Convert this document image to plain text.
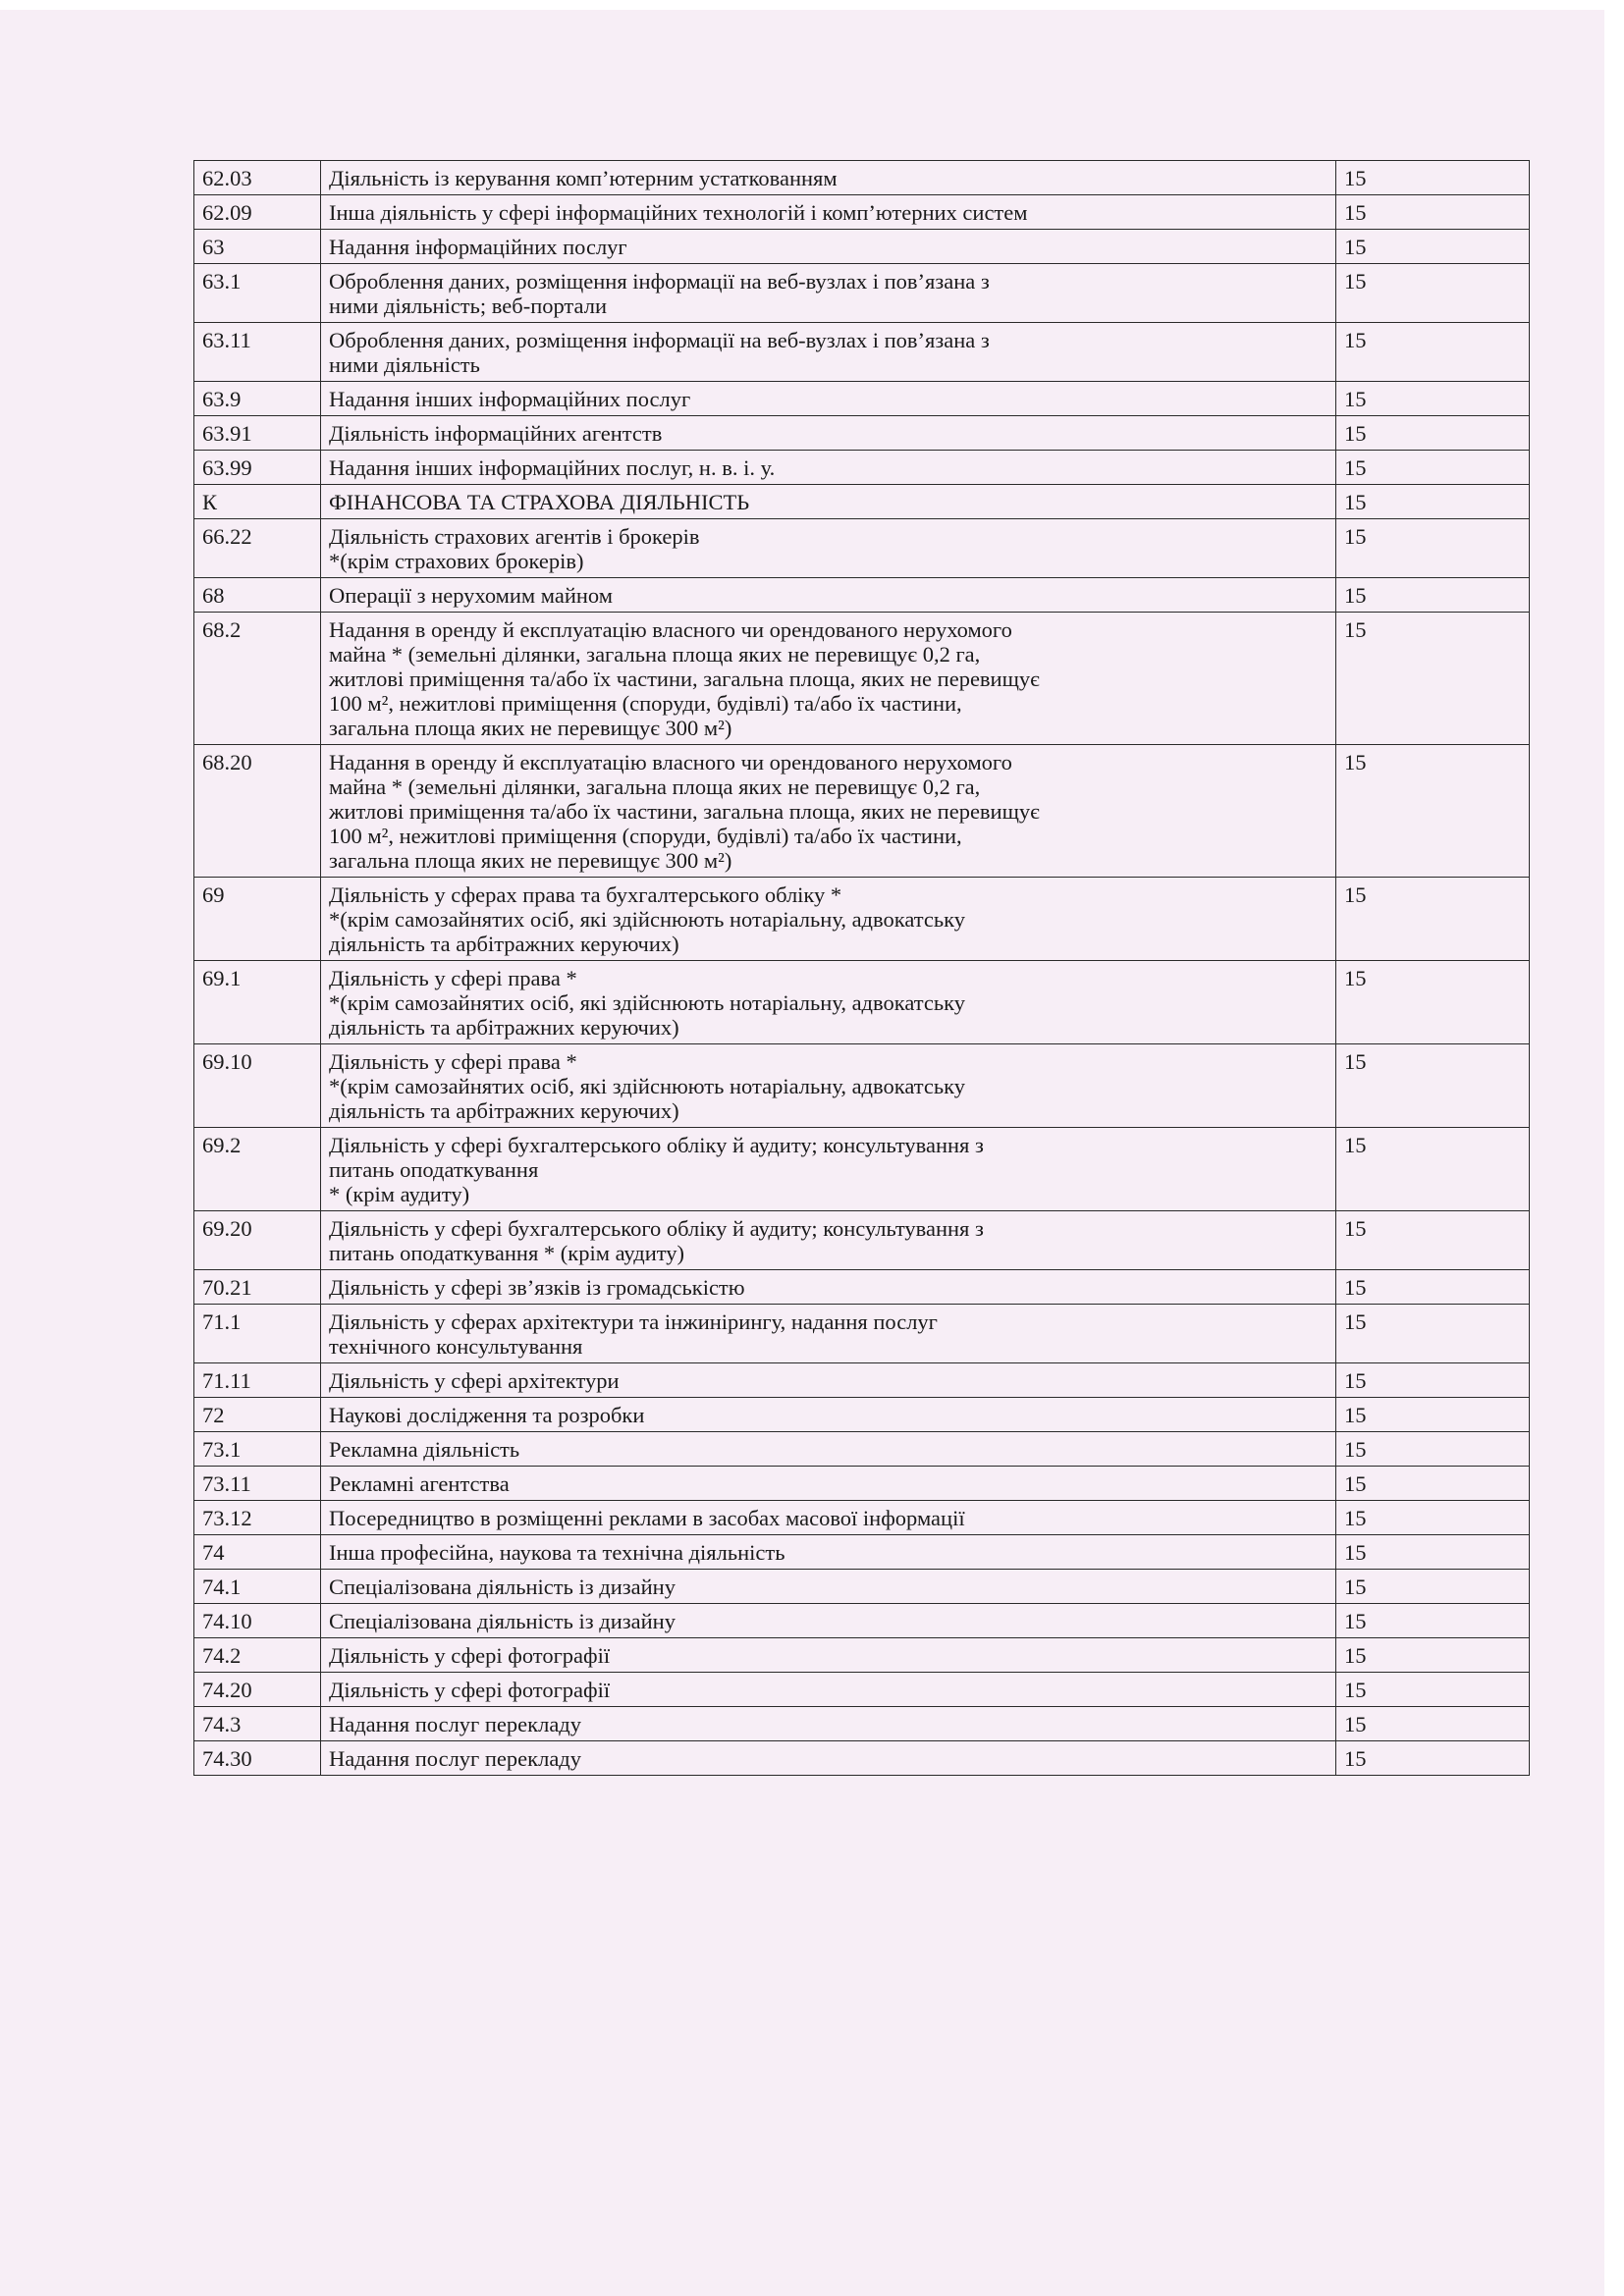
62.03	Діяльність із керування комп’ютерним устаткованням	15
62.09	Інша діяльність у сфері інформаційних технологій і комп’ютерних систем	15
63	Надання інформаційних послуг	15
63.1	Оброблення даних, розміщення інформації на веб-вузлах і пов’язана з
ними діяльність; веб-портали	15
63.11	Оброблення даних, розміщення інформації на веб-вузлах і пов’язана з
ними діяльність	15
63.9	Надання інших інформаційних послуг	15
63.91	Діяльність інформаційних агентств	15
63.99	Надання інших інформаційних послуг, н. в. і. у.	15
К	ФІНАНСОВА ТА СТРАХОВА ДІЯЛЬНІСТЬ	15
66.22	Діяльність страхових агентів і брокерів
*(крім страхових брокерів)	15
68	Операції з нерухомим майном	15
68.2	Надання в оренду й експлуатацію власного чи орендованого нерухомого
майна * (земельні ділянки, загальна площа яких не перевищує 0,2 га,
житлові приміщення та/або їх частини, загальна площа, яких не перевищує
100 м², нежитлові приміщення (споруди, будівлі) та/або їх частини,
загальна площа яких не перевищує 300 м²)	15
68.20	Надання в оренду й експлуатацію власного чи орендованого нерухомого
майна * (земельні ділянки, загальна площа яких не перевищує 0,2 га,
житлові приміщення та/або їх частини, загальна площа, яких не перевищує
100 м², нежитлові приміщення (споруди, будівлі) та/або їх частини,
загальна площа яких не перевищує 300 м²)	15
69	Діяльність у сферах права та бухгалтерського обліку *
*(крім самозайнятих осіб, які здійснюють нотаріальну, адвокатську
діяльність та арбітражних керуючих)	15
69.1	Діяльність у сфері права *
*(крім самозайнятих осіб, які здійснюють нотаріальну, адвокатську
діяльність та арбітражних керуючих)	15
69.10	Діяльність у сфері права *
*(крім самозайнятих осіб, які здійснюють нотаріальну, адвокатську
діяльність та арбітражних керуючих)	15
69.2	Діяльність у сфері бухгалтерського обліку й аудиту; консультування з
питань оподаткування
* (крім аудиту)	15
69.20	Діяльність у сфері бухгалтерського обліку й аудиту; консультування з
питань оподаткування * (крім аудиту)	15
70.21	Діяльність у сфері зв’язків із громадськістю	15
71.1	Діяльність у сферах архітектури та інжинірингу, надання послуг
технічного консультування	15
71.11	Діяльність у сфері архітектури	15
72	Наукові дослідження та розробки	15
73.1	Рекламна діяльність	15
73.11	Рекламні агентства	15
73.12	Посередництво в розміщенні реклами в засобах масової інформації	15
74	Інша професійна, наукова та технічна діяльність	15
74.1	Спеціалізована діяльність із дизайну	15
74.10	Спеціалізована діяльність із дизайну	15
74.2	Діяльність у сфері фотографії	15
74.20	Діяльність у сфері фотографії	15
74.3	Надання послуг перекладу	15
74.30	Надання послуг перекладу	15
